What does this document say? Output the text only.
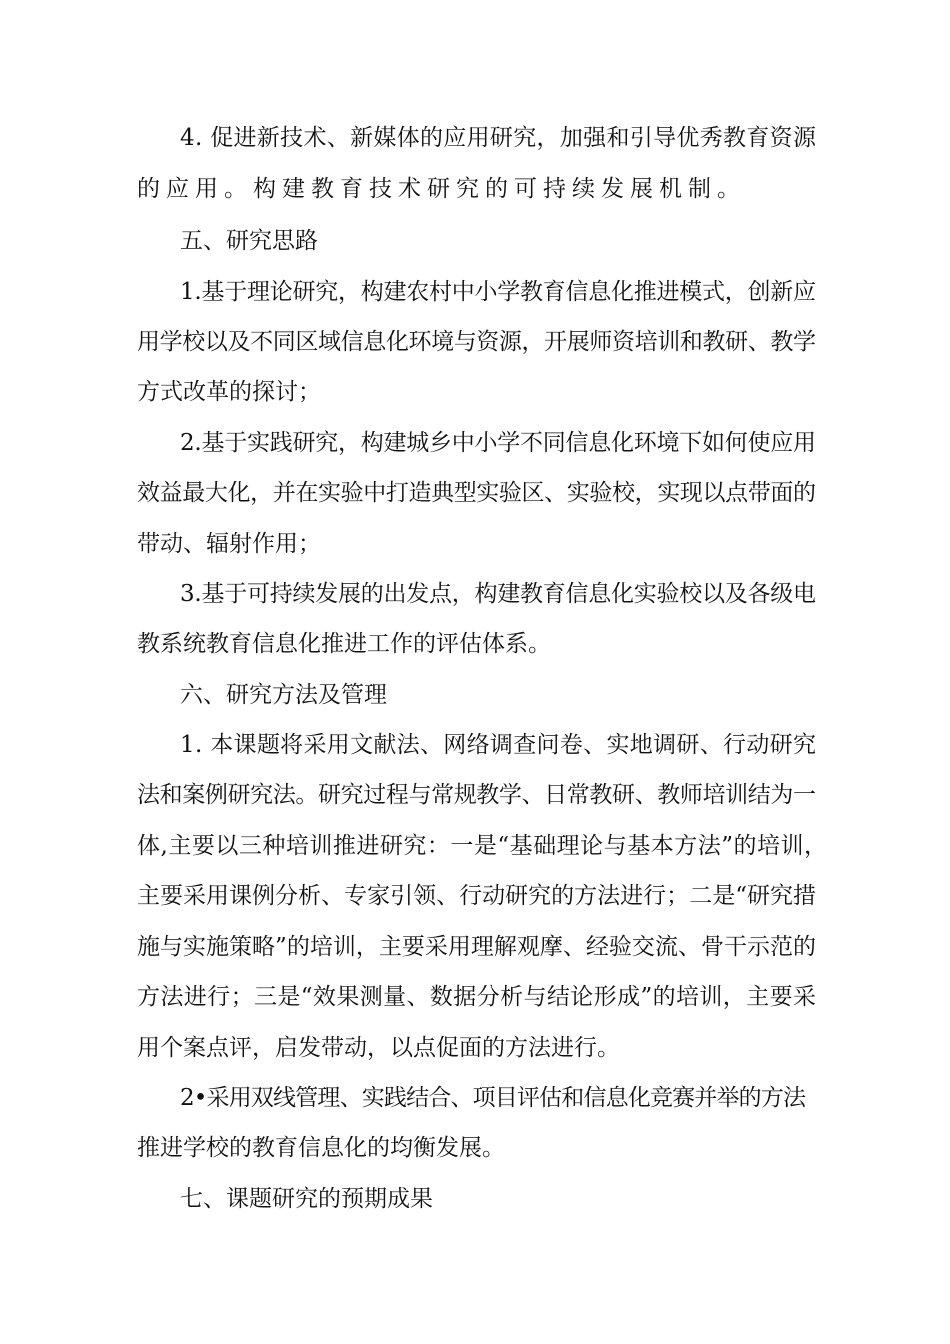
4. 促进新技术、新媒体的应用研究，加强和引导优秀教育资源
的应用。构建教育技术研究的可持续发展机制。
五、研究思路
1.基于理论研究，构建农村中小学教育信息化推进模式，创新应
用学校以及不同区域信息化环境与资源，开展师资培训和教研、教学
方式改革的探讨；
2.基于实践研究，构建城乡中小学不同信息化环境下如何使应用
效益最大化，并在实验中打造典型实验区、实验校，实现以点带面的
带动、辐射作用；
3.基于可持续发展的出发点，构建教育信息化实验校以及各级电
教系统教育信息化推进工作的评估体系。
六、研究方法及管理
1. 本课题将采用文献法、网络调查问卷、实地调研、行动研究
法和案例研究法。研究过程与常规教学、日常教研、教师培训结为一
体,主要以三种培训推进研究：一是“基础理论与基本方法”的培训，
主要采用课例分析、专家引领、行动研究的方法进行；二是“研究措
施与实施策略”的培训，主要采用理解观摩、经验交流、骨干示范的
方法进行；三是“效果测量、数据分析与结论形成”的培训，主要采
用个案点评，启发带动，以点促面的方法进行。
2•采用双线管理、实践结合、项目评估和信息化竞赛并举的方法
推进学校的教育信息化的均衡发展。
七、课题研究的预期成果
